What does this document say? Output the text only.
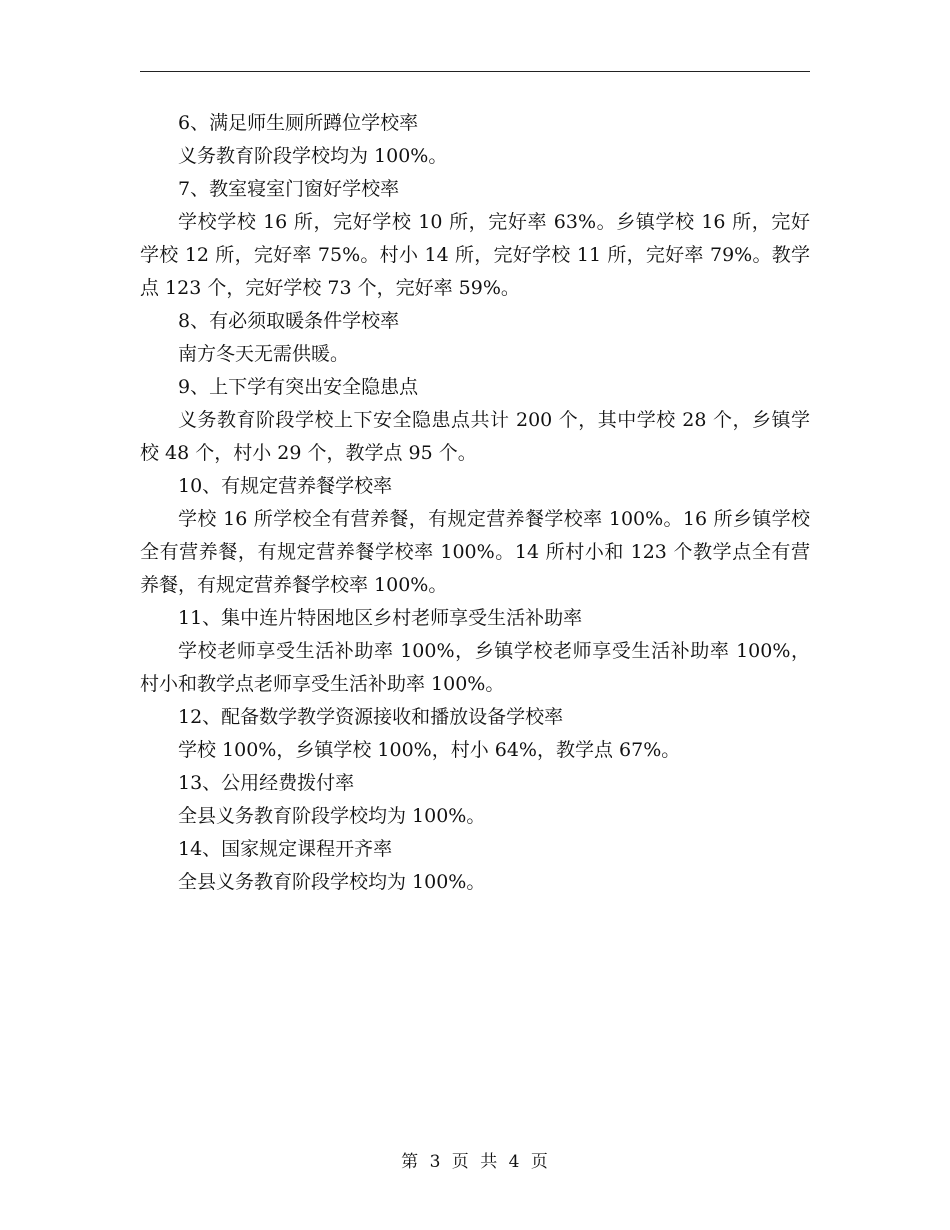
6、满足师生厕所蹲位学校率

义务教育阶段学校均为 100%。

7、教室寝室门窗好学校率

学校学校 16 所，完好学校 10 所，完好率 63%。乡镇学校 16 所，完好学校 12 所，完好率 75%。村小 14 所，完好学校 11 所，完好率 79%。教学点 123 个，完好学校 73 个，完好率 59%。

8、有必须取暖条件学校率

南方冬天无需供暖。

9、上下学有突出安全隐患点

义务教育阶段学校上下安全隐患点共计 200 个，其中学校 28 个，乡镇学校 48 个，村小 29 个，教学点 95 个。

10、有规定营养餐学校率

学校 16 所学校全有营养餐，有规定营养餐学校率 100%。16 所乡镇学校全有营养餐，有规定营养餐学校率 100%。14 所村小和 123 个教学点全有营养餐，有规定营养餐学校率 100%。

11、集中连片特困地区乡村老师享受生活补助率

学校老师享受生活补助率 100%，乡镇学校老师享受生活补助率 100%，村小和教学点老师享受生活补助率 100%。

12、配备数学教学资源接收和播放设备学校率

学校 100%，乡镇学校 100%，村小 64%，教学点 67%。

13、公用经费拨付率

全县义务教育阶段学校均为 100%。

14、国家规定课程开齐率

全县义务教育阶段学校均为 100%。

第 3 页 共 4 页
